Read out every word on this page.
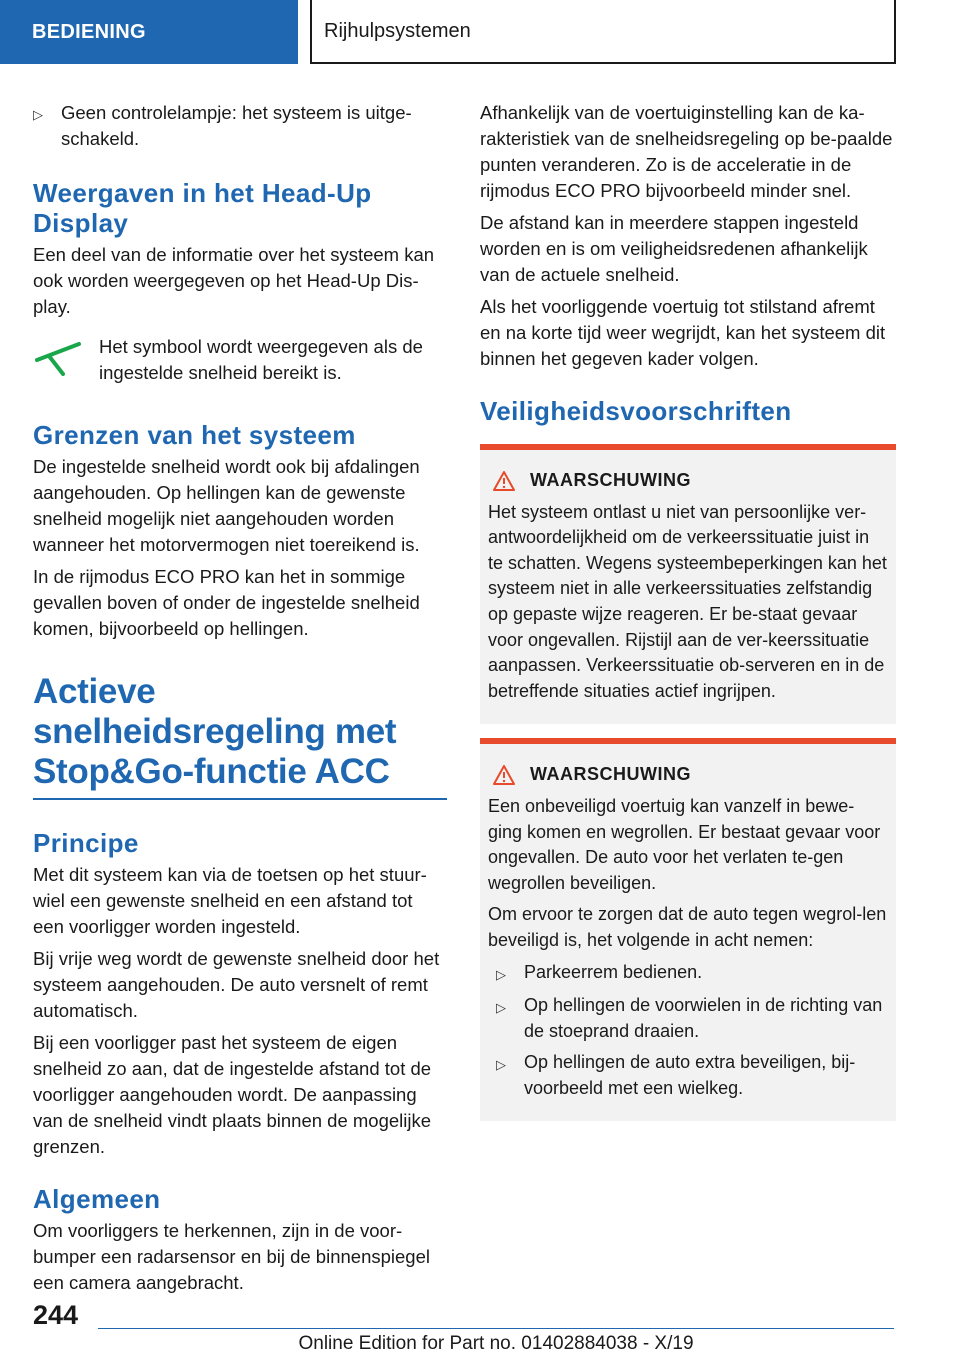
BEDIENING	Rijhulpsystemen
▷ Geen controlelampje: het systeem is uitge-schakeld.
Weergaven in het Head-Up Display

Een deel van de informatie over het systeem kan ook worden weergegeven op het Head-Up Dis-play.

Het symbool wordt weergegeven als de ingestelde snelheid bereikt is.

Grenzen van het systeem

De ingestelde snelheid wordt ook bij afdalingen aangehouden. Op hellingen kan de gewenste snelheid mogelijk niet aangehouden worden wanneer het motorvermogen niet toereikend is.

In de rijmodus ECO PRO kan het in sommige gevallen boven of onder de ingestelde snelheid komen, bijvoorbeeld op hellingen.

Actieve snelheidsregeling met Stop&Go-functie ACC
Principe

Met dit systeem kan via de toetsen op het stuur-wiel een gewenste snelheid en een afstand tot een voorligger worden ingesteld.

Bij vrije weg wordt de gewenste snelheid door het systeem aangehouden. De auto versnelt of remt automatisch.

Bij een voorligger past het systeem de eigen snelheid zo aan, dat de ingestelde afstand tot de voorligger aangehouden wordt. De aanpassing van de snelheid vindt plaats binnen de mogelijke grenzen.

Algemeen

Om voorliggers te herkennen, zijn in de voor-bumper een radarsensor en bij de binnenspiegel een camera aangebracht.

Afhankelijk van de voertuiginstelling kan de ka-rakteristiek van de snelheidsregeling op be-paalde punten veranderen. Zo is de acceleratie in de rijmodus ECO PRO bijvoorbeeld minder snel.

De afstand kan in meerdere stappen ingesteld worden en is om veiligheidsredenen afhankelijk van de actuele snelheid.

Als het voorliggende voertuig tot stilstand afremt en na korte tijd weer wegrijdt, kan het systeem dit binnen het gegeven kader volgen.

Veiligheidsvoorschriften
WAARSCHUWING
Het systeem ontlast u niet van persoonlijke ver-antwoordelijkheid om de verkeerssituatie juist in te schatten. Wegens systeembeperkingen kan het systeem niet in alle verkeerssituaties zelfstandig op gepaste wijze reageren. Er be-staat gevaar voor ongevallen. Rijstijl aan de ver-keerssituatie aanpassen. Verkeerssituatie ob-serveren en in de betreffende situaties actief ingrijpen.
WAARSCHUWING

Een onbeveiligd voertuig kan vanzelf in bewe-ging komen en wegrollen. Er bestaat gevaar voor ongevallen. De auto voor het verlaten te-gen wegrollen beveiligen.

Om ervoor te zorgen dat de auto tegen wegrol-len beveiligd is, het volgende in acht nemen:

▷	Parkeerrem bedienen.
▷	Op hellingen de voorwielen in de richting van de stoeprand draaien.
▷	Op hellingen de auto extra beveiligen, bij-voorbeeld met een wielkeg.
244
Online Edition for Part no. 01402884038 - X/19
